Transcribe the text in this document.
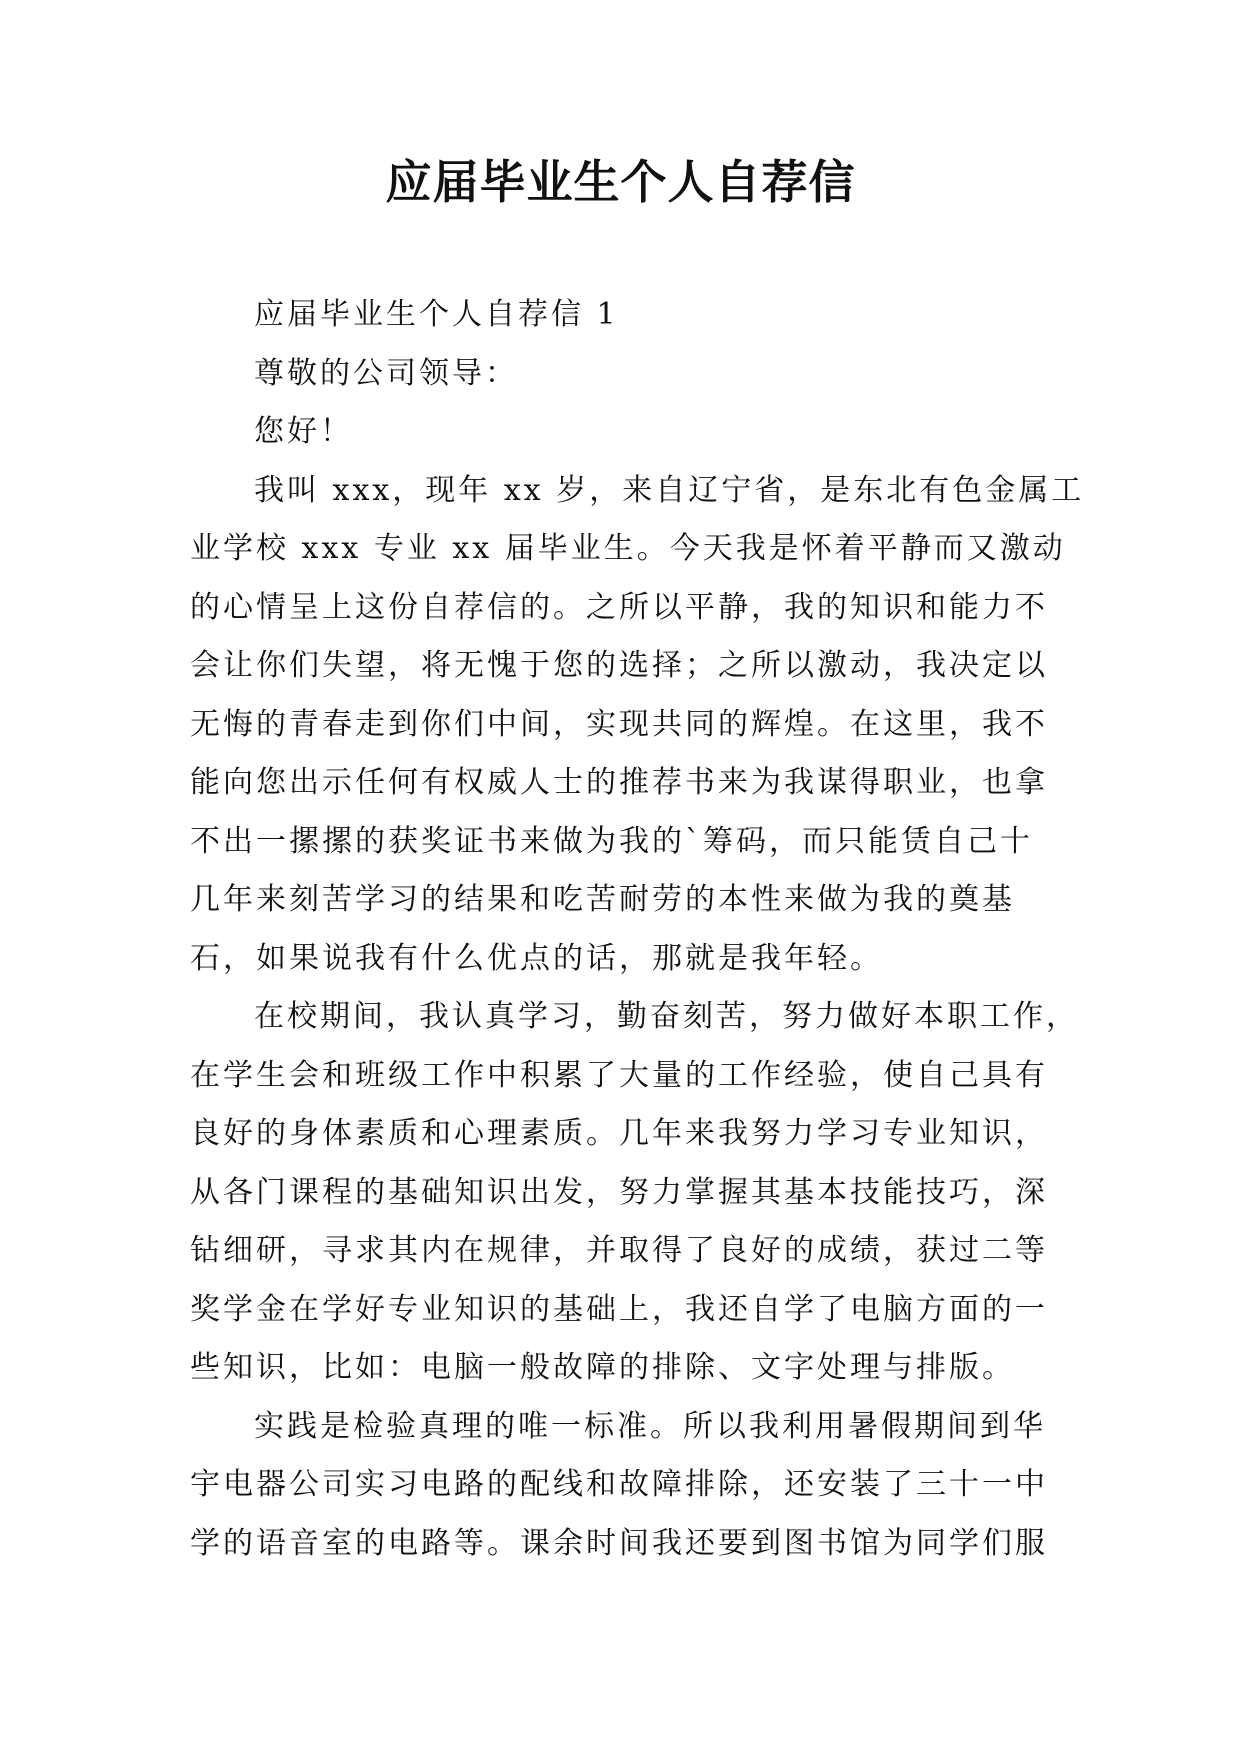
应届毕业生个人自荐信

应届毕业生个人自荐信 1

尊敬的公司领导：

您好！

我叫 xxx，现年 xx 岁，来自辽宁省，是东北有色金属工

业学校 xxx 专业 xx 届毕业生。今天我是怀着平静而又激动

的心情呈上这份自荐信的。之所以平静，我的知识和能力不

会让你们失望，将无愧于您的选择；之所以激动，我决定以

无悔的青春走到你们中间，实现共同的辉煌。在这里，我不

能向您出示任何有权威人士的推荐书来为我谋得职业，也拿

不出一摞摞的获奖证书来做为我的`筹码，而只能赁自己十

几年来刻苦学习的结果和吃苦耐劳的本性来做为我的奠基

石，如果说我有什么优点的话，那就是我年轻。

在校期间，我认真学习，勤奋刻苦，努力做好本职工作，

在学生会和班级工作中积累了大量的工作经验，使自己具有

良好的身体素质和心理素质。几年来我努力学习专业知识，

从各门课程的基础知识出发，努力掌握其基本技能技巧，深

钻细研，寻求其内在规律，并取得了良好的成绩，获过二等

奖学金在学好专业知识的基础上，我还自学了电脑方面的一

些知识，比如：电脑一般故障的排除、文字处理与排版。

实践是检验真理的唯一标准。所以我利用暑假期间到华

宇电器公司实习电路的配线和故障排除，还安装了三十一中

学的语音室的电路等。课余时间我还要到图书馆为同学们服
